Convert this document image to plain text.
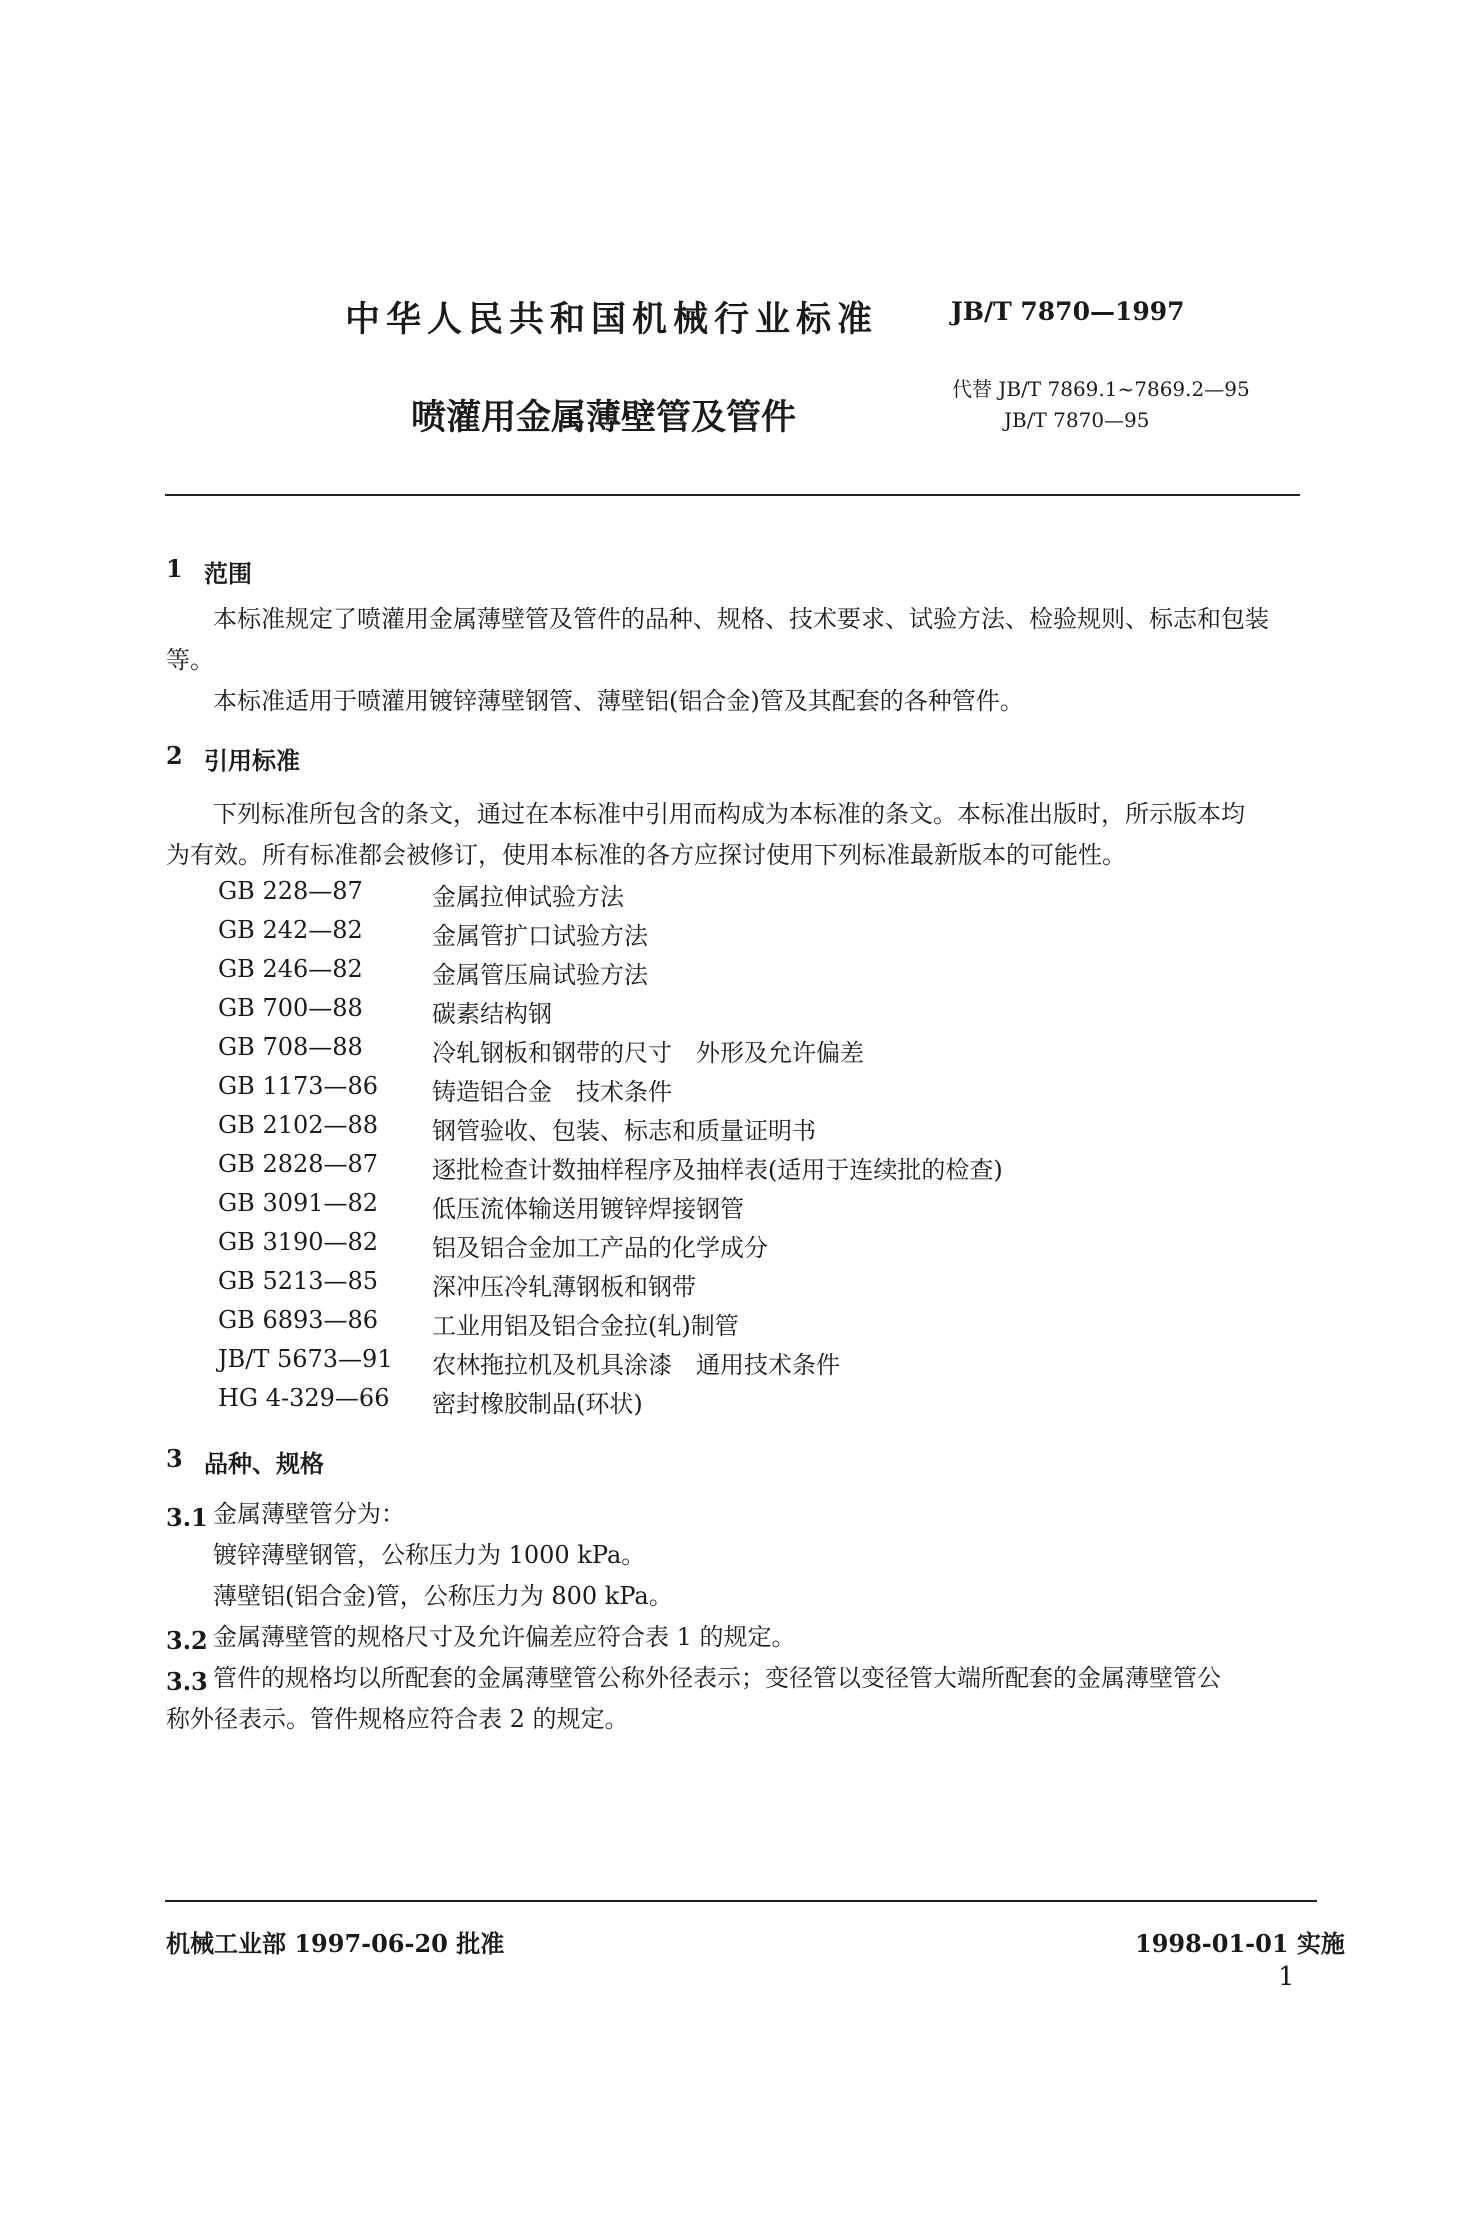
中华人民共和国机械行业标准	JB/T 7870—1997
喷灌用金属薄壁管及管件
代替 JB/T 7869.1~7869.2—95
JB/T 7870—95
1 范围
本标准规定了喷灌用金属薄壁管及管件的品种、规格、技术要求、试验方法、检验规则、标志和包装
等。
本标准适用于喷灌用镀锌薄壁钢管、薄壁铝(铝合金)管及其配套的各种管件。
2 引用标准
下列标准所包含的条文，通过在本标准中引用而构成为本标准的条文。本标准出版时，所示版本均
为有效。所有标准都会被修订，使用本标准的各方应探讨使用下列标准最新版本的可能性。
GB 228—87	金属拉伸试验方法
GB 242—82	金属管扩口试验方法
GB 246—82	金属管压扁试验方法
GB 700—88	碳素结构钢
GB 708—88	冷轧钢板和钢带的尺寸　外形及允许偏差
GB 1173—86 铸造铝合金　技术条件
GB 2102—88 钢管验收、包装、标志和质量证明书
GB 2828—87 逐批检查计数抽样程序及抽样表(适用于连续批的检查)
GB 3091—82 低压流体输送用镀锌焊接钢管
GB 3190—82 铝及铝合金加工产品的化学成分
GB 5213—85 深冲压冷轧薄钢板和钢带
GB 6893—86 工业用铝及铝合金拉(轧)制管
JB/T 5673—91 农林拖拉机及机具涂漆　通用技术条件
HG 4-329—66 密封橡胶制品(环状)
3 品种、规格
3.1 金属薄壁管分为：
镀锌薄壁钢管，公称压力为 1000 kPa。
薄壁铝(铝合金)管，公称压力为 800 kPa。
3.2 金属薄壁管的规格尺寸及允许偏差应符合表 1 的规定。
3.3 管件的规格均以所配套的金属薄壁管公称外径表示；变径管以变径管大端所配套的金属薄壁管公
称外径表示。管件规格应符合表 2 的规定。
机械工业部 1997-06-20 批准	1998-01-01 实施
1
